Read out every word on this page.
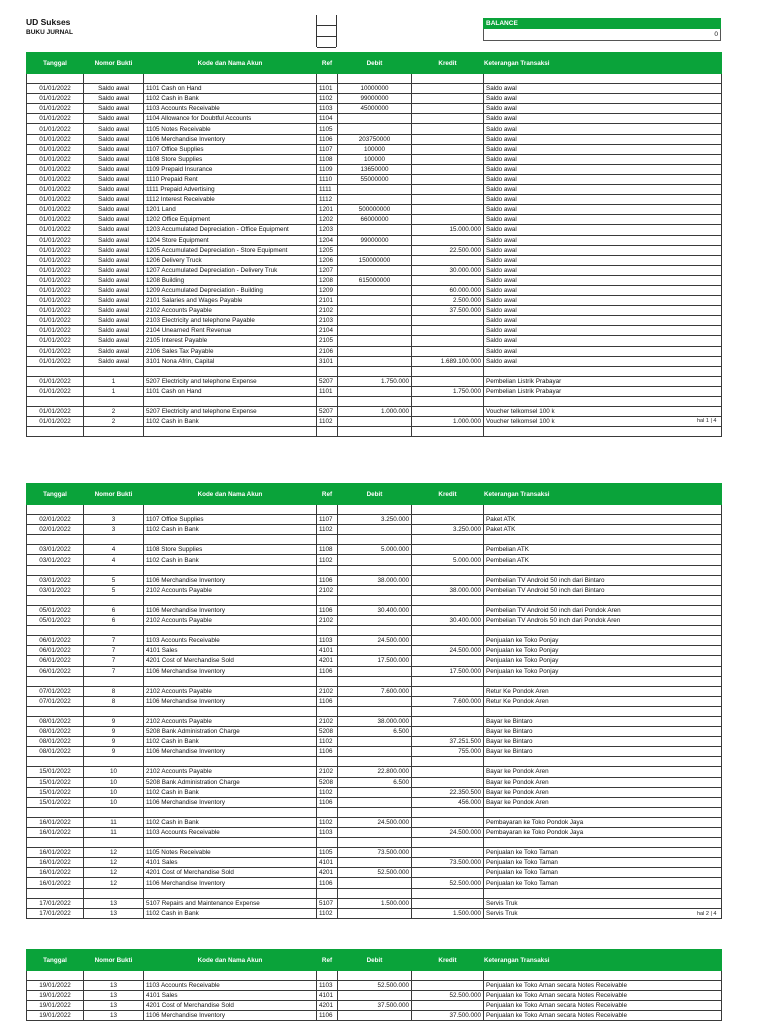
UD Sukses
BUKU JURNAL
BALANCE
0
Tanggal	Nomor Bukti	Kode dan Nama Akun	Ref	Debit	Kredit	Keterangan Transaksi

01/01/2022	Saldo awal	1101 Cash on Hand	1101	10000000		Saldo awal
01/01/2022	Saldo awal	1102 Cash in Bank	1102	99000000		Saldo awal
01/01/2022	Saldo awal	1103 Accounts Receivable	1103	45000000		Saldo awal
01/01/2022	Saldo awal	1104 Allowance for Doubtful Accounts	1104			Saldo awal
01/01/2022	Saldo awal	1105 Notes Receivable	1105			Saldo awal
01/01/2022	Saldo awal	1106 Merchandise Inventory	1106	203750000		Saldo awal
01/01/2022	Saldo awal	1107 Office Supplies	1107	100000		Saldo awal
01/01/2022	Saldo awal	1108 Store Supplies	1108	100000		Saldo awal
01/01/2022	Saldo awal	1109 Prepaid Insurance	1109	13650000		Saldo awal
01/01/2022	Saldo awal	1110 Prepaid Rent	1110	55000000		Saldo awal
01/01/2022	Saldo awal	1111 Prepaid Advertising	1111			Saldo awal
01/01/2022	Saldo awal	1112 Interest Receivable	1112			Saldo awal
01/01/2022	Saldo awal	1201 Land	1201	500000000		Saldo awal
01/01/2022	Saldo awal	1202 Office Equipment	1202	66000000		Saldo awal
01/01/2022	Saldo awal	1203 Accumulated Depreciation - Office Equipment	1203		15.000.000	Saldo awal
01/01/2022	Saldo awal	1204 Store Equipment	1204	99000000		Saldo awal
01/01/2022	Saldo awal	1205 Accumulated Depreciation - Store Equipment	1205		22.500.000	Saldo awal
01/01/2022	Saldo awal	1206 Delivery Truck	1206	150000000		Saldo awal
01/01/2022	Saldo awal	1207 Accumulated Depreciation - Delivery Truk	1207		30.000.000	Saldo awal
01/01/2022	Saldo awal	1208 Building	1208	615000000		Saldo awal
01/01/2022	Saldo awal	1209 Accumulated Depreciation - Building	1209		60.000.000	Saldo awal
01/01/2022	Saldo awal	2101 Salaries and Wages Payable	2101		2.500.000	Saldo awal
01/01/2022	Saldo awal	2102 Accounts Payable	2102		37.500.000	Saldo awal
01/01/2022	Saldo awal	2103 Electricity and telephone Payable	2103			Saldo awal
01/01/2022	Saldo awal	2104 Unearned Rent Revenue	2104			Saldo awal
01/01/2022	Saldo awal	2105 Interest Payable	2105			Saldo awal
01/01/2022	Saldo awal	2106 Sales Tax Payable	2106			Saldo awal
01/01/2022	Saldo awal	3101 Nona Afrin, Capital	3101		1.689.100.000	Saldo awal

01/01/2022	1	5207 Electricity and telephone Expense	5207	1.750.000		Pembelian Listrik Prabayar
01/01/2022	1	1101 Cash on Hand	1101		1.750.000	Pembelian Listrik Prabayar

01/01/2022	2	5207 Electricity and telephone Expense	5207	1.000.000		Voucher telkomsel 100 k
01/01/2022	2	1102 Cash in Bank	1102		1.000.000	Voucher telkomsel 100 k
							hal 1 | 4
Tanggal	Nomor Bukti	Kode dan Nama Akun	Ref	Debit	Kredit	Keterangan Transaksi

02/01/2022	3	1107 Office Supplies	1107	3.250.000		Paket ATK
02/01/2022	3	1102 Cash in Bank	1102		3.250.000	Paket ATK

03/01/2022	4	1108 Store Supplies	1108	5.000.000		Pembelian ATK
03/01/2022	4	1102 Cash in Bank	1102		5.000.000	Pembelian ATK

03/01/2022	5	1106 Merchandise Inventory	1106	38.000.000		Pembelian TV Android 50 inch dari Bintaro
03/01/2022	5	2102 Accounts Payable	2102		38.000.000	Pembelian TV Android 50 inch dari Bintaro

05/01/2022	6	1106 Merchandise Inventory	1106	30.400.000		Pembelian TV Android 50 inch dari Pondok Aren
05/01/2022	6	2102 Accounts Payable	2102		30.400.000	Pembelian TV Androis 50 inch dari Pondok Aren

06/01/2022	7	1103 Accounts Receivable	1103	24.500.000		Penjualan ke Toko Ponjay
06/01/2022	7	4101 Sales	4101		24.500.000	Penjualan ke Toko Ponjay
06/01/2022	7	4201 Cost of Merchandise Sold	4201	17.500.000		Penjualan ke Toko Ponjay
06/01/2022	7	1106 Merchandise Inventory	1106		17.500.000	Penjualan ke Toko Ponjay

07/01/2022	8	2102 Accounts Payable	2102	7.600.000		Retur Ke Pondok Aren
07/01/2022	8	1106 Merchandise Inventory	1106		7.600.000	Retur Ke Pondok Aren

08/01/2022	9	2102 Accounts Payable	2102	38.000.000		Bayar ke Bintaro
08/01/2022	9	5208 Bank Administration Charge	5208	6.500		Bayar ke Bintaro
08/01/2022	9	1102 Cash in Bank	1102		37.251.500	Bayar ke Bintaro
08/01/2022	9	1106 Merchandise Inventory	1106		755.000	Bayar ke Bintaro

15/01/2022	10	2102 Accounts Payable	2102	22.800.000		Bayar ke Pondok Aren
15/01/2022	10	5208 Bank Administration Charge	5208	6.500		Bayar ke Pondok Aren
15/01/2022	10	1102 Cash in Bank	1102		22.350.500	Bayar ke Pondok Aren
15/01/2022	10	1106 Merchandise Inventory	1106		456.000	Bayar ke Pondok Aren

16/01/2022	11	1102 Cash in Bank	1102	24.500.000		Pembayaran ke Toko Pondok Jaya
16/01/2022	11	1103 Accounts Receivable	1103		24.500.000	Pembayaran ke Toko Pondok Jaya

16/01/2022	12	1105 Notes Receivable	1105	73.500.000		Penjualan ke Toko Taman
16/01/2022	12	4101 Sales	4101		73.500.000	Penjualan ke Toko Taman
16/01/2022	12	4201 Cost of Merchandise Sold	4201	52.500.000		Penjualan ke Toko Taman
16/01/2022	12	1106 Merchandise Inventory	1106		52.500.000	Penjualan ke Toko Taman

17/01/2022	13	5107 Repairs and Maintenance Expense	5107	1.500.000		Servis Truk
17/01/2022	13	1102 Cash in Bank	1102		1.500.000	Servis Truk	hal 2 | 4
Tanggal	Nomor Bukti	Kode dan Nama Akun	Ref	Debit	Kredit	Keterangan Transaksi

19/01/2022	13	1103 Accounts Receivable	1103	52.500.000		Penjualan ke Toko Aman secara Notes Receivable
19/01/2022	13	4101 Sales	4101		52.500.000	Penjualan ke Toko Aman secara Notes Receivable
19/01/2022	13	4201 Cost of Merchandise Sold	4201	37.500.000		Penjualan ke Toko Aman secara Notes Receivable
19/01/2022	13	1106 Merchandise Inventory	1106		37.500.000	Penjualan ke Toko Aman secara Notes Receivable
